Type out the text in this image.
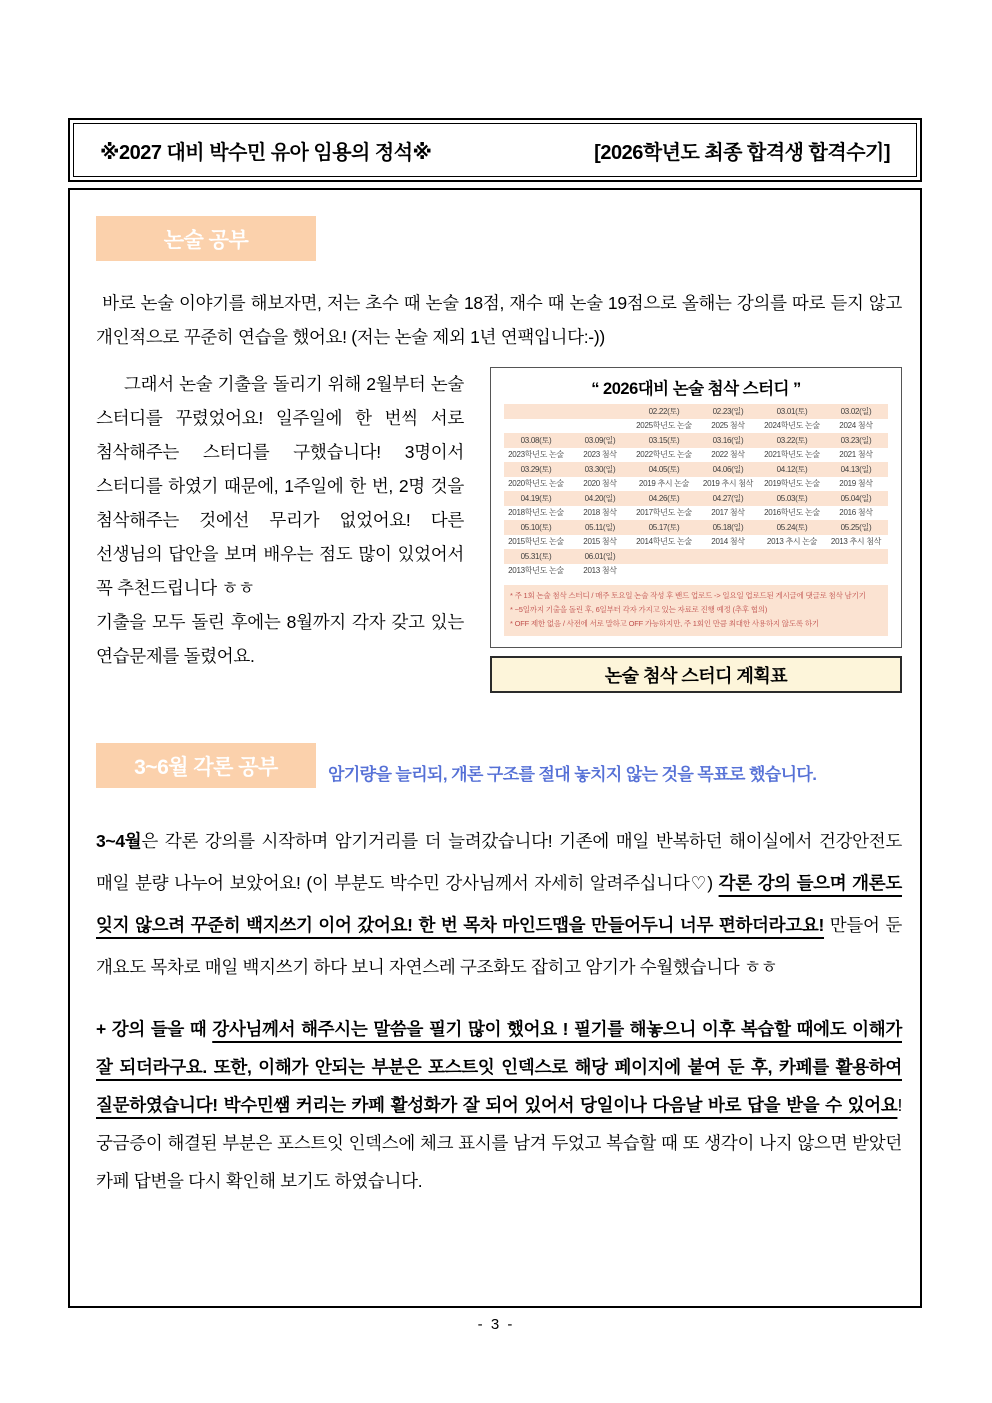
※2027 대비 박수민 유아 임용의 정석※	[2026학년도 최종 합격생 합격수기]
논술 공부

바로 논술 이야기를 해보자면, 저는 초수 때 논술 18점, 재수 때 논술 19점으로 올해는 강의를 따로 듣지 않고 개인적으로 꾸준히 연습을 했어요! (저는 논술 제외 1년 연팩입니다:-))

그래서 논술 기출을 돌리기 위해 2월부터 논술 스터디를 꾸렸었어요! 일주일에 한 번씩 서로 첨삭해주는 스터디를 구했습니다! 3명이서 스터디를 하였기 때문에, 1주일에 한 번, 2명 것을 첨삭해주는 것에선 무리가 없었어요! 다른 선생님의 답안을 보며 배우는 점도 많이 있었어서 꼭 추천드립니다 ㅎㅎ

기출을 모두 돌린 후에는 8월까지 각자 갖고 있는 연습문제를 돌렸어요.

“ 2026대비 논술 첨삭 스터디 ”
		02.22(토)	02.23(일)	03.01(토)	03.02(일)
		2025학년도 논술	2025 첨삭	2024학년도 논술	2024 첨삭
03.08(토)	03.09(일)	03.15(토)	03.16(일)	03.22(토)	03.23(일)
2023학년도 논술	2023 첨삭	2022학년도 논술	2022 첨삭	2021학년도 논술	2021 첨삭
03.29(토)	03.30(일)	04.05(토)	04.06(일)	04.12(토)	04.13(일)
2020학년도 논술	2020 첨삭	2019 추시 논술	2019 추시 첨삭	2019학년도 논술	2019 첨삭
04.19(토)	04.20(일)	04.26(토)	04.27(일)	05.03(토)	05.04(일)
2018학년도 논술	2018 첨삭	2017학년도 논술	2017 첨삭	2016학년도 논술	2016 첨삭
05.10(토)	05.11(일)	05.17(토)	05.18(일)	05.24(토)	05.25(일)
2015학년도 논술	2015 첨삭	2014학년도 논술	2014 첨삭	2013 추시 논술	2013 추시 첨삭
05.31(토)	06.01(일)				
2013학년도 논술	2013 첨삭				
* 주 1회 논술 첨삭 스터디 / 매주 토요일 논술 작성 후 밴드 업로드 -> 일요일 업로드된 게시글에 댓글로 첨삭 남기기
* ~5일까지 기출을 돌린 후, 6일부터 각자 가지고 있는 자료로 진행 예정 (추후 협의)
* OFF 제한 없음 / 사전에 서로 말하고 OFF 가능하지만, 주 1회인 만큼 최대한 사용하지 않도록 하기
논술 첨삭 스터디 계획표
3~6월 각론 공부	암기량을 늘리되, 개론 구조를 절대 놓치지 않는 것을 목표로 했습니다.

3~4월은 각론 강의를 시작하며 암기거리를 더 늘려갔습니다! 기존에 매일 반복하던 해이실에서 건강안전도 매일 분량 나누어 보았어요! (이 부분도 박수민 강사님께서 자세히 알려주십니다♡) 각론 강의 들으며 개론도 잊지 않으려 꾸준히 백지쓰기 이어 갔어요! 한 번 목차 마인드맵을 만들어두니 너무 편하더라고요! 만들어 둔 개요도 목차로 매일 백지쓰기 하다 보니 자연스레 구조화도 잡히고 암기가 수월했습니다 ㅎㅎ

+ 강의 들을 때 강사님께서 해주시는 말씀을 필기 많이 했어요 ! 필기를 해놓으니 이후 복습할 때에도 이해가 잘 되더라구요. 또한, 이해가 안되는 부분은 포스트잇 인덱스로 해당 페이지에 붙여 둔 후, 카페를 활용하여 질문하였습니다! 박수민쌤 커리는 카페 활성화가 잘 되어 있어서 당일이나 다음날 바로 답을 받을 수 있어요! 궁금증이 해결된 부분은 포스트잇 인덱스에 체크 표시를 남겨 두었고 복습할 때 또 생각이 나지 않으면 받았던 카페 답변을 다시 확인해 보기도 하였습니다.

- 3 -
